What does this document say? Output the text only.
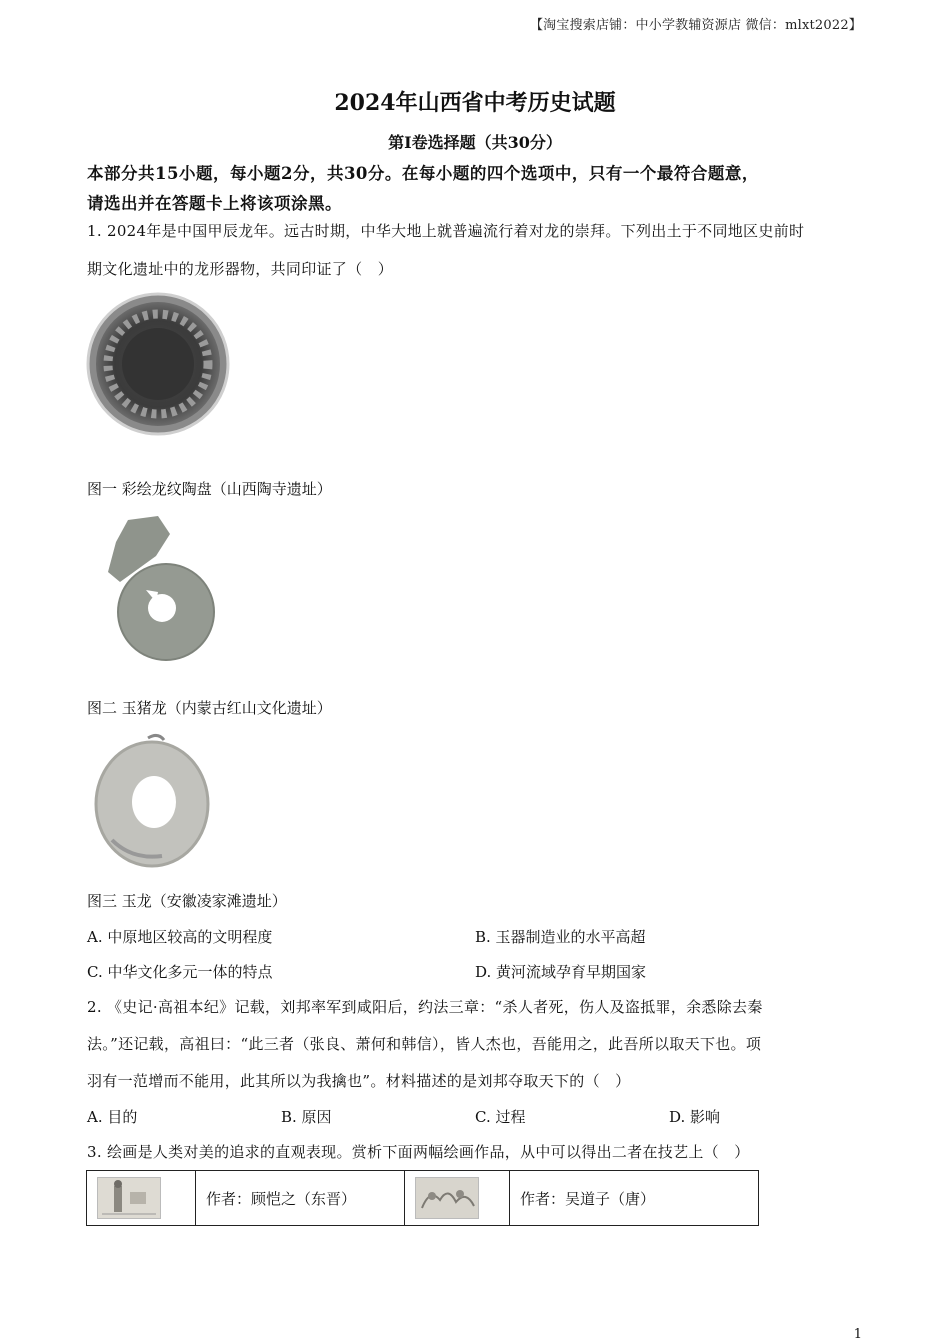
【淘宝搜索店铺：中小学教辅资源店 微信：mlxt2022】
2024年山西省中考历史试题
第I卷选择题（共30分）
本部分共15小题，每小题2分，共30分。在每小题的四个选项中，只有一个最符合题意，
请选出并在答题卡上将该项涂黑。
1. 2024年是中国甲辰龙年。远古时期，中华大地上就普遍流行着对龙的崇拜。下列出土于不同地区史前时
期文化遗址中的龙形器物，共同印证了（　）
图一 彩绘龙纹陶盘（山西陶寺遗址）
图二 玉猪龙（内蒙古红山文化遗址）
图三 玉龙（安徽凌家滩遗址）
A. 中原地区较高的文明程度	B. 玉器制造业的水平高超
C. 中华文化多元一体的特点	D. 黄河流域孕育早期国家
2. 《史记·高祖本纪》记载，刘邦率军到咸阳后，约法三章：“杀人者死，伤人及盗抵罪，余悉除去秦
法。”还记载，高祖曰：“此三者（张良、萧何和韩信），皆人杰也，吾能用之，此吾所以取天下也。项
羽有一范增而不能用，此其所以为我擒也”。材料描述的是刘邦夺取天下的（　）
A. 目的	B. 原因	C. 过程	D. 影响
3. 绘画是人类对美的追求的直观表现。赏析下面两幅绘画作品，从中可以得出二者在技艺上（　）
	作者：顾恺之（东晋）		作者：吴道子（唐）
1
